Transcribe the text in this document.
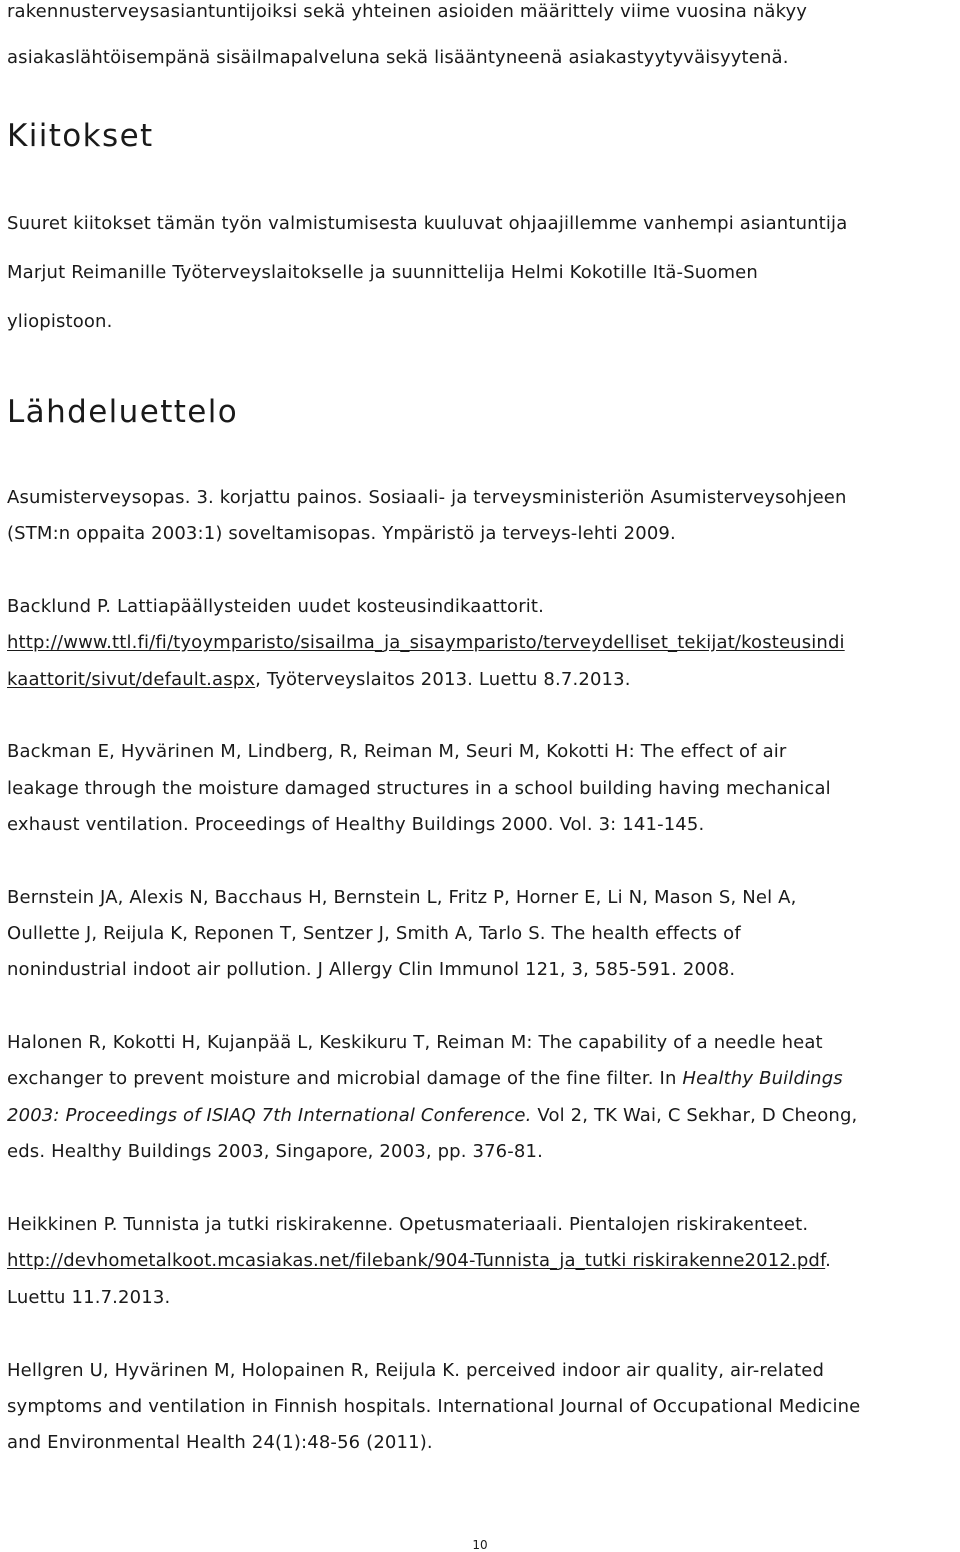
rakennusterveysasiantuntijoiksi sekä yhteinen asioiden määrittely viime vuosina näkyy
asiakaslähtöisempänä sisäilmapalveluna sekä lisääntyneenä asiakastyytyväisyytenä.
Kiitokset
Suuret kiitokset tämän työn valmistumisesta kuuluvat ohjaajillemme vanhempi asiantuntija
Marjut Reimanille Työterveyslaitokselle ja suunnittelija Helmi Kokotille Itä-Suomen
yliopistoon.
Lähdeluettelo
Asumisterveysopas. 3. korjattu painos. Sosiaali- ja terveysministeriön Asumisterveysohjeen
(STM:n oppaita 2003:1) soveltamisopas. Ympäristö ja terveys-lehti 2009.
Backlund P. Lattiapäällysteiden uudet kosteusindikaattorit.
http://www.ttl.fi/fi/tyoymparisto/sisailma_ja_sisaymparisto/terveydelliset_tekijat/kosteusindi
kaattorit/sivut/default.aspx, Työterveyslaitos 2013. Luettu 8.7.2013.
Backman E, Hyvärinen M, Lindberg, R, Reiman M, Seuri M, Kokotti H: The effect of air
leakage through the moisture damaged structures in a school building having mechanical
exhaust ventilation. Proceedings of Healthy Buildings 2000. Vol. 3: 141-145.
Bernstein JA, Alexis N, Bacchaus H, Bernstein L, Fritz P, Horner E, Li N, Mason S, Nel A,
Oullette J, Reijula K, Reponen T, Sentzer J, Smith A, Tarlo S. The health effects of
nonindustrial indoot air pollution. J Allergy Clin Immunol 121, 3, 585-591. 2008.
Halonen R, Kokotti H, Kujanpää L, Keskikuru T, Reiman M: The capability of a needle heat
exchanger to prevent moisture and microbial damage of the fine filter. In Healthy Buildings
2003: Proceedings of ISIAQ 7th International Conference. Vol 2, TK Wai, C Sekhar, D Cheong,
eds. Healthy Buildings 2003, Singapore, 2003, pp. 376-81.
Heikkinen P. Tunnista ja tutki riskirakenne. Opetusmateriaali. Pientalojen riskirakenteet.
http://devhometalkoot.mcasiakas.net/filebank/904-Tunnista_ja_tutki riskirakenne2012.pdf.
Luettu 11.7.2013.
Hellgren U, Hyvärinen M, Holopainen R, Reijula K. perceived indoor air quality, air-related
symptoms and ventilation in Finnish hospitals. International Journal of Occupational Medicine
and Environmental Health 24(1):48-56 (2011).
10
